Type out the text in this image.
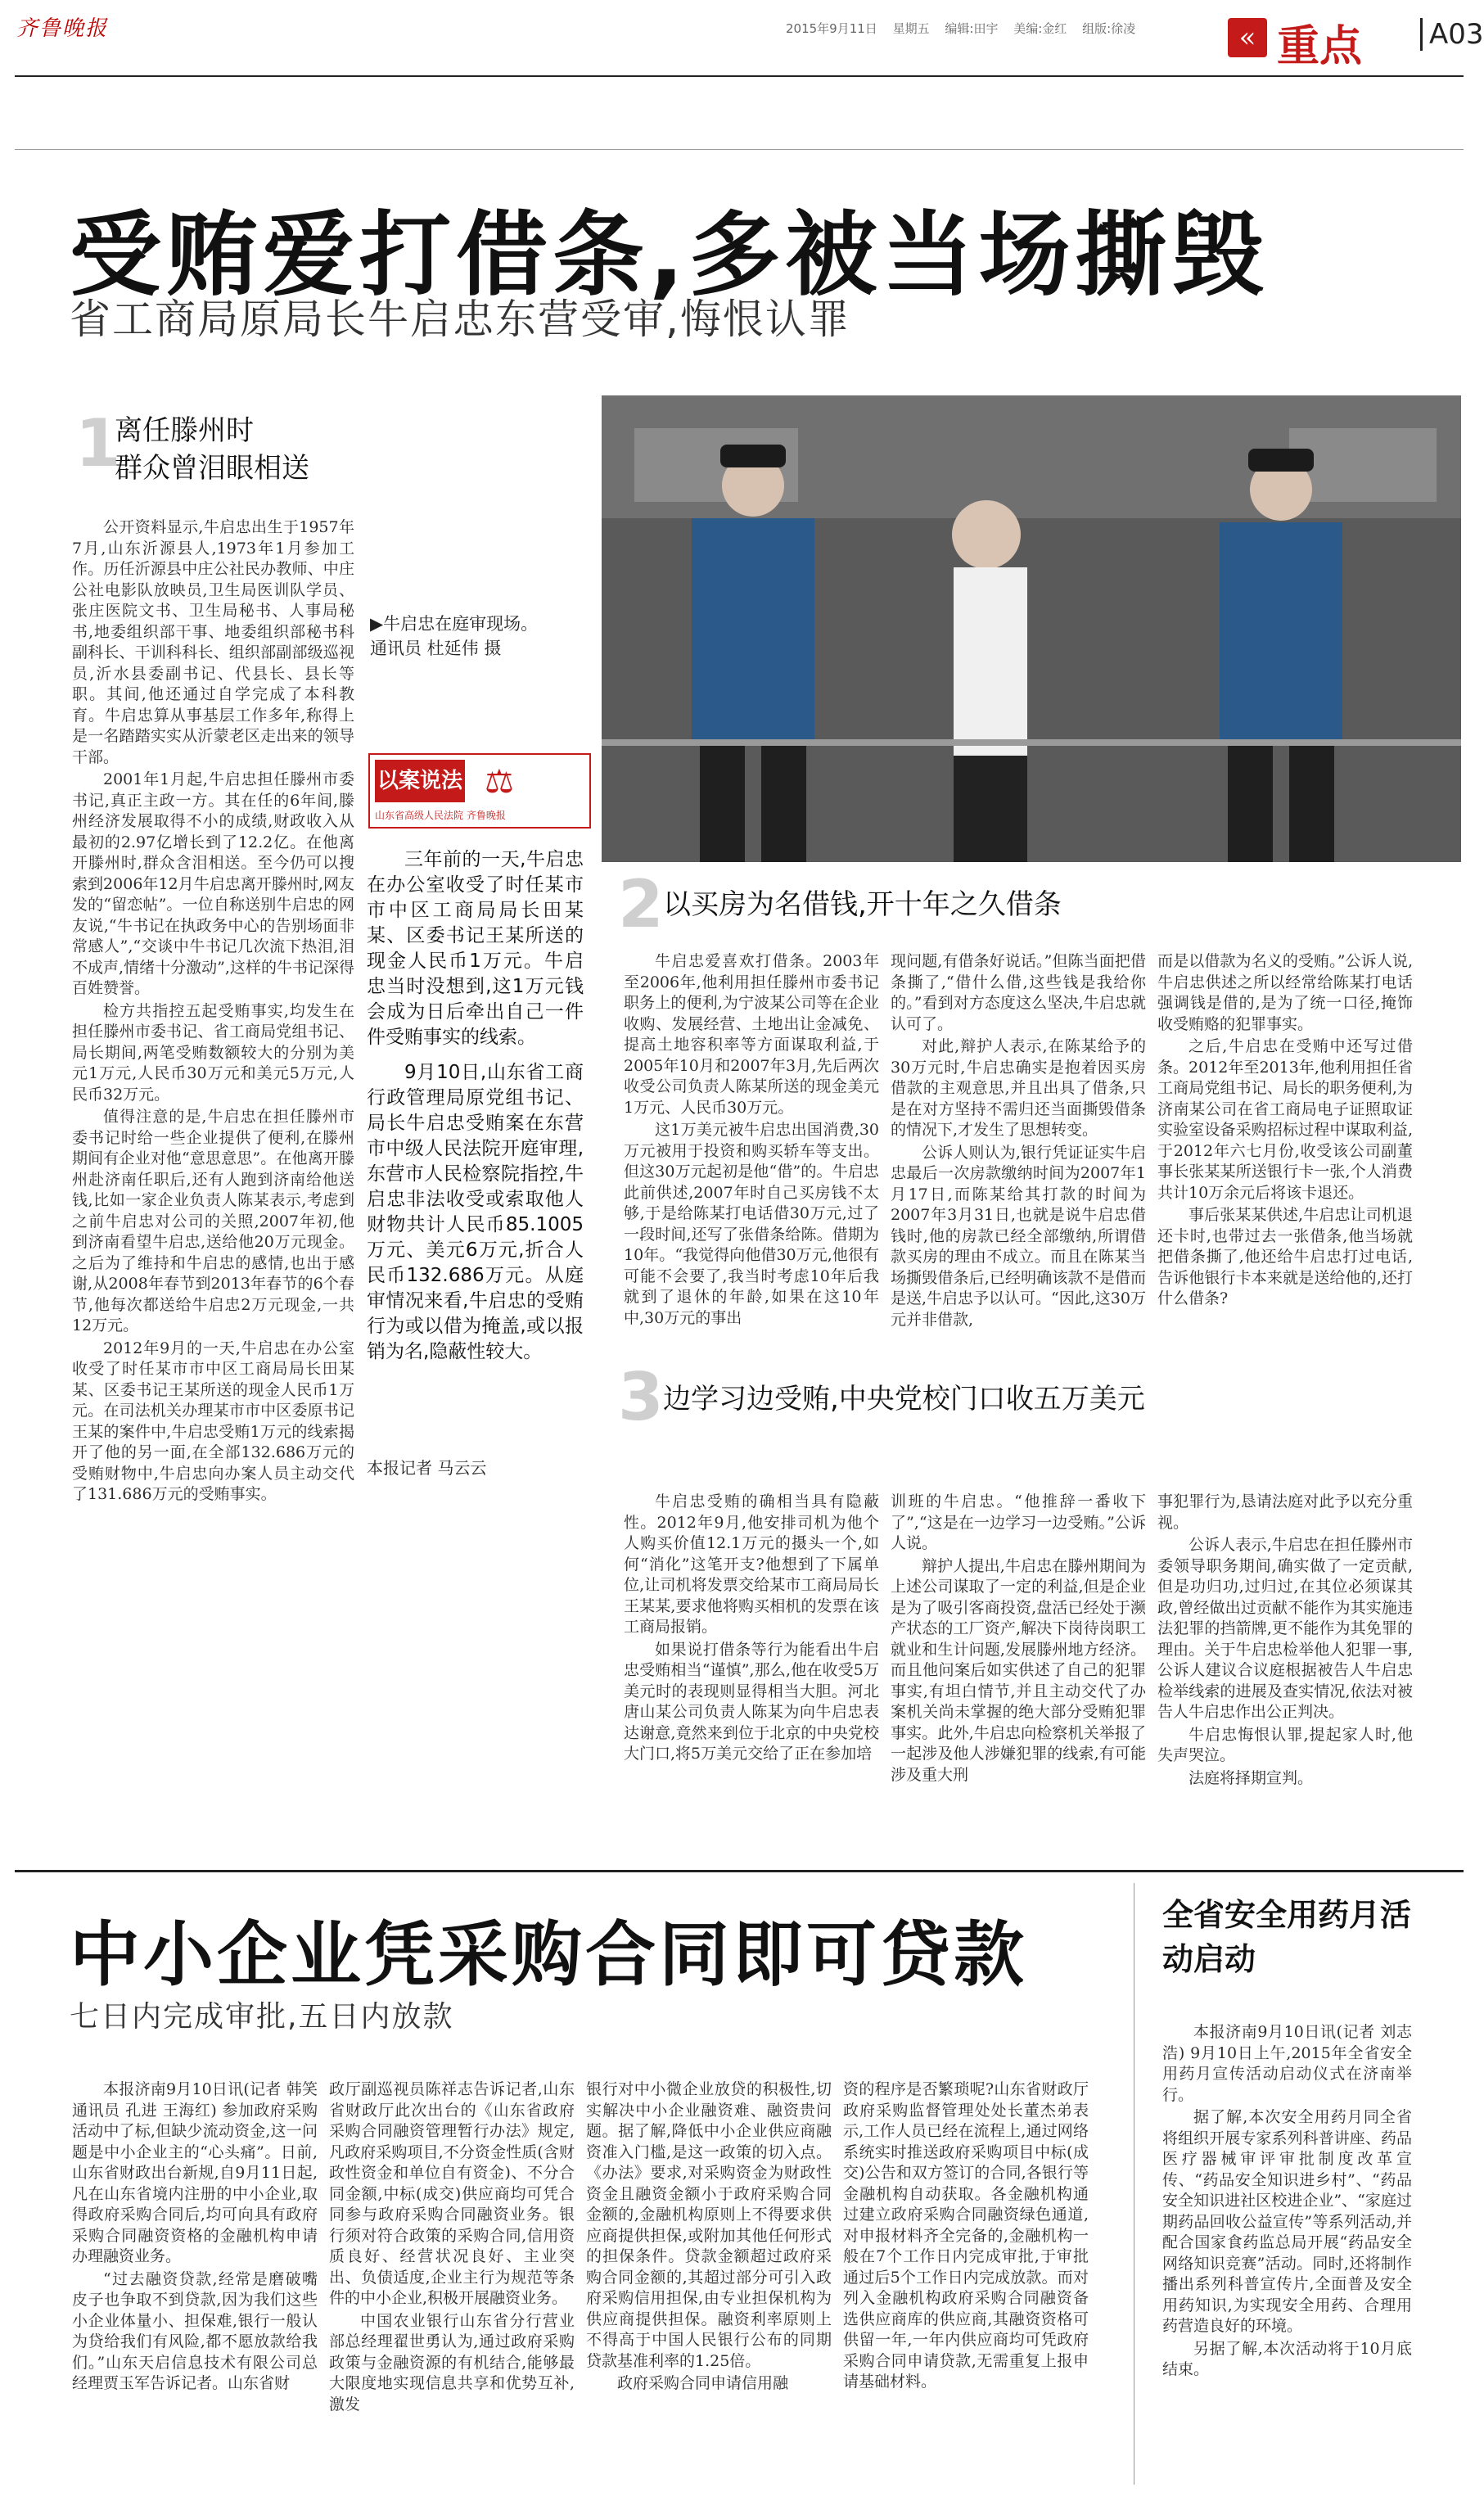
齐鲁晚报	2015年9月11日 星期五 编辑:田宇 美编:金红 组版:徐凌	« 重点	A03
受贿爱打借条,多被当场撕毁
省工商局原局长牛启忠东营受审,悔恨认罪
1
离任滕州时
群众曾泪眼相送

公开资料显示,牛启忠出生于1957年7月,山东沂源县人,1973年1月参加工作。历任沂源县中庄公社民办教师、中庄公社电影队放映员,卫生局医训队学员、张庄医院文书、卫生局秘书、人事局秘书,地委组织部干事、地委组织部秘书科副科长、干训科科长、组织部副部级巡视员,沂水县委副书记、代县长、县长等职。其间,他还通过自学完成了本科教育。牛启忠算从事基层工作多年,称得上是一名踏踏实实从沂蒙老区走出来的领导干部。

2001年1月起,牛启忠担任滕州市委书记,真正主政一方。其在任的6年间,滕州经济发展取得不小的成绩,财政收入从最初的2.97亿增长到了12.2亿。在他离开滕州时,群众含泪相送。至今仍可以搜索到2006年12月牛启忠离开滕州时,网友发的“留恋帖”。一位自称送别牛启忠的网友说,“牛书记在执政务中心的告别场面非常感人”,“交谈中牛书记几次流下热泪,泪不成声,情绪十分激动”,这样的牛书记深得百姓赞誉。

检方共指控五起受贿事实,均发生在担任滕州市委书记、省工商局党组书记、局长期间,两笔受贿数额较大的分别为美元1万元,人民币30万元和美元5万元,人民币32万元。

值得注意的是,牛启忠在担任滕州市委书记时给一些企业提供了便利,在滕州期间有企业对他“意思意思”。在他离开滕州赴济南任职后,还有人跑到济南给他送钱,比如一家企业负责人陈某表示,考虑到之前牛启忠对公司的关照,2007年初,他到济南看望牛启忠,送给他20万元现金。之后为了维持和牛启忠的感情,也出于感谢,从2008年春节到2013年春节的6个春节,他每次都送给牛启忠2万元现金,一共12万元。

2012年9月的一天,牛启忠在办公室收受了时任某市市中区工商局局长田某某、区委书记王某所送的现金人民币1万元。在司法机关办理某市市中区委原书记王某的案件中,牛启忠受贿1万元的线索揭开了他的另一面,在全部132.686万元的受贿财物中,牛启忠向办案人员主动交代了131.686万元的受贿事实。

▶牛启忠在庭审现场。
通讯员 杜延伟 摄
以案说法 ⚖
山东省高级人民法院 齐鲁晚报

三年前的一天,牛启忠在办公室收受了时任某市市中区工商局局长田某某、区委书记王某所送的现金人民币1万元。牛启忠当时没想到,这1万元钱会成为日后牵出自己一件件受贿事实的线索。

9月10日,山东省工商行政管理局原党组书记、局长牛启忠受贿案在东营市中级人民法院开庭审理,东营市人民检察院指控,牛启忠非法收受或索取他人财物共计人民币85.1005万元、美元6万元,折合人民币132.686万元。从庭审情况来看,牛启忠的受贿行为或以借为掩盖,或以报销为名,隐蔽性较大。

本报记者 马云云
2 以买房为名借钱,开十年之久借条

牛启忠爱喜欢打借条。2003年至2006年,他利用担任滕州市委书记职务上的便利,为宁波某公司等在企业收购、发展经营、土地出让金减免、提高土地容积率等方面谋取利益,于2005年10月和2007年3月,先后两次收受公司负责人陈某所送的现金美元1万元、人民币30万元。

这1万美元被牛启忠出国消费,30万元被用于投资和购买轿车等支出。但这30万元起初是他“借”的。牛启忠此前供述,2007年时自己买房钱不太够,于是给陈某打电话借30万元,过了一段时间,还写了张借条给陈。借期为10年。“我觉得向他借30万元,他很有可能不会要了,我当时考虑10年后我就到了退休的年龄,如果在这10年中,30万元的事出

现问题,有借条好说话。”但陈当面把借条撕了,“借什么借,这些钱是我给你的。”看到对方态度这么坚决,牛启忠就认可了。

对此,辩护人表示,在陈某给予的30万元时,牛启忠确实是抱着因买房借款的主观意思,并且出具了借条,只是在对方坚持不需归还当面撕毁借条的情况下,才发生了思想转变。

公诉人则认为,银行凭证证实牛启忠最后一次房款缴纳时间为2007年1月17日,而陈某给其打款的时间为2007年3月31日,也就是说牛启忠借钱时,他的房款已经全部缴纳,所谓借款买房的理由不成立。而且在陈某当场撕毁借条后,已经明确该款不是借而是送,牛启忠予以认可。“因此,这30万元并非借款,

而是以借款为名义的受贿。”公诉人说,牛启忠供述之所以经常给陈某打电话强调钱是借的,是为了统一口径,掩饰收受贿赂的犯罪事实。

之后,牛启忠在受贿中还写过借条。2012年至2013年,他利用担任省工商局党组书记、局长的职务便利,为济南某公司在省工商局电子证照取证实验室设备采购招标过程中谋取利益,于2012年六七月份,收受该公司副董事长张某某所送银行卡一张,个人消费共计10万余元后将该卡退还。

事后张某某供述,牛启忠让司机退还卡时,也带过去一张借条,他当场就把借条撕了,他还给牛启忠打过电话,告诉他银行卡本来就是送给他的,还打什么借条?

3 边学习边受贿,中央党校门口收五万美元

牛启忠受贿的确相当具有隐蔽性。2012年9月,他安排司机为他个人购买价值12.1万元的摄头一个,如何“消化”这笔开支?他想到了下属单位,让司机将发票交给某市工商局局长王某某,要求他将购买相机的发票在该工商局报销。

如果说打借条等行为能看出牛启忠受贿相当“谨慎”,那么,他在收受5万美元时的表现则显得相当大胆。河北唐山某公司负责人陈某为向牛启忠表达谢意,竟然来到位于北京的中央党校大门口,将5万美元交给了正在参加培

训班的牛启忠。“他推辞一番收下了”,“这是在一边学习一边受贿。”公诉人说。

辩护人提出,牛启忠在滕州期间为上述公司谋取了一定的利益,但是企业是为了吸引客商投资,盘活已经处于濒产状态的工厂资产,解决下岗待岗职工就业和生计问题,发展滕州地方经济。而且他问案后如实供述了自己的犯罪事实,有坦白情节,并且主动交代了办案机关尚未掌握的绝大部分受贿犯罪事实。此外,牛启忠向检察机关举报了一起涉及他人涉嫌犯罪的线索,有可能涉及重大刑

事犯罪行为,恳请法庭对此予以充分重视。

公诉人表示,牛启忠在担任滕州市委领导职务期间,确实做了一定贡献,但是功归功,过归过,在其位必须谋其政,曾经做出过贡献不能作为其实施违法犯罪的挡箭牌,更不能作为其免罪的理由。关于牛启忠检举他人犯罪一事,公诉人建议合议庭根据被告人牛启忠检举线索的进展及查实情况,依法对被告人牛启忠作出公正判决。

牛启忠悔恨认罪,提起家人时,他失声哭泣。

法庭将择期宣判。

中小企业凭采购合同即可贷款
七日内完成审批,五日内放款

本报济南9月10日讯(记者 韩笑 通讯员 孔进 王海红) 参加政府采购活动中了标,但缺少流动资金,这一问题是中小企业主的“心头痛”。日前,山东省财政出台新规,自9月11日起,凡在山东省境内注册的中小企业,取得政府采购合同后,均可向具有政府采购合同融资资格的金融机构申请办理融资业务。

“过去融资贷款,经常是磨破嘴皮子也争取不到贷款,因为我们这些小企业体量小、担保难,银行一般认为贷给我们有风险,都不愿放款给我们。”山东天启信息技术有限公司总经理贾玉军告诉记者。山东省财

政厅副巡视员陈祥志告诉记者,山东省财政厅此次出台的《山东省政府采购合同融资管理暂行办法》规定,凡政府采购项目,不分资金性质(含财政性资金和单位自有资金)、不分合同金额,中标(成交)供应商均可凭合同参与政府采购合同融资业务。银行须对符合政策的采购合同,信用资质良好、经营状况良好、主业突出、负债适度,企业主行为规范等条件的中小企业,积极开展融资业务。

中国农业银行山东省分行营业部总经理翟世勇认为,通过政府采购政策与金融资源的有机结合,能够最大限度地实现信息共享和优势互补,激发

银行对中小微企业放贷的积极性,切实解决中小企业融资难、融资贵问题。据了解,降低中小企业供应商融资准入门槛,是这一政策的切入点。《办法》要求,对采购资金为财政性资金且融资金额小于政府采购合同金额的,金融机构原则上不得要求供应商提供担保,或附加其他任何形式的担保条件。贷款金额超过政府采购合同金额的,其超过部分可引入政府采购信用担保,由专业担保机构为供应商提供担保。融资利率原则上不得高于中国人民银行公布的同期贷款基准利率的1.25倍。

政府采购合同申请信用融

资的程序是否繁琐呢?山东省财政厅政府采购监督管理处处长董杰弟表示,工作人员已经在流程上,通过网络系统实时推送政府采购项目中标(成交)公告和双方签订的合同,各银行等金融机构自动获取。各金融机构通过建立政府采购合同融资绿色通道,对申报材料齐全完备的,金融机构一般在7个工作日内完成审批,于审批通过后5个工作日内完成放款。而对列入金融机构政府采购合同融资备选供应商库的供应商,其融资资格可供留一年,一年内供应商均可凭政府采购合同申请贷款,无需重复上报申请基础材料。

全省安全用药月活动启动

本报济南9月10日讯(记者 刘志浩) 9月10日上午,2015年全省安全用药月宣传活动启动仪式在济南举行。

据了解,本次安全用药月同全省将组织开展专家系列科普讲座、药品医疗器械审评审批制度改革宣传、“药品安全知识进乡村”、“药品安全知识进社区校进企业”、“家庭过期药品回收公益宣传”等系列活动,并配合国家食药监总局开展“药品安全网络知识竞赛”活动。同时,还将制作播出系列科普宣传片,全面普及安全用药知识,为实现安全用药、合理用药营造良好的环境。

另据了解,本次活动将于10月底结束。
